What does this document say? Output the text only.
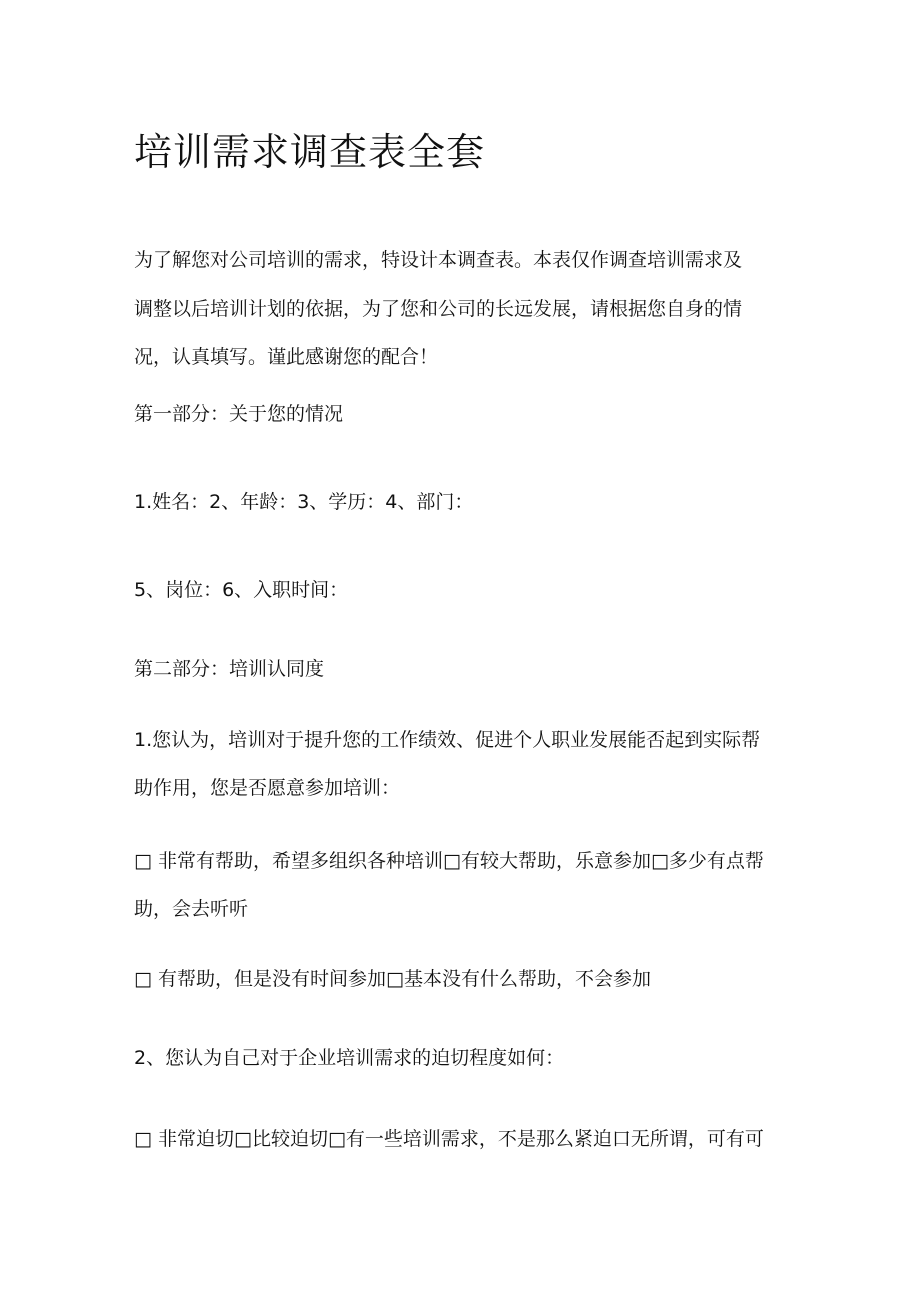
培训需求调查表全套
为了解您对公司培训的需求，特设计本调查表。本表仅作调查培训需求及
调整以后培训计划的依据，为了您和公司的长远发展，请根据您自身的情
况，认真填写。谨此感谢您的配合！
第一部分：关于您的情况
1.姓名：2、年龄：3、学历：4、部门：
5、岗位：6、入职时间：
第二部分：培训认同度
1.您认为，培训对于提升您的工作绩效、促进个人职业发展能否起到实际帮
助作用，您是否愿意参加培训：
□ 非常有帮助，希望多组织各种培训□有较大帮助，乐意参加□多少有点帮
助，会去听听
□ 有帮助，但是没有时间参加□基本没有什么帮助，不会参加
2、您认为自己对于企业培训需求的迫切程度如何：
□ 非常迫切□比较迫切□有一些培训需求，不是那么紧迫口无所谓，可有可
